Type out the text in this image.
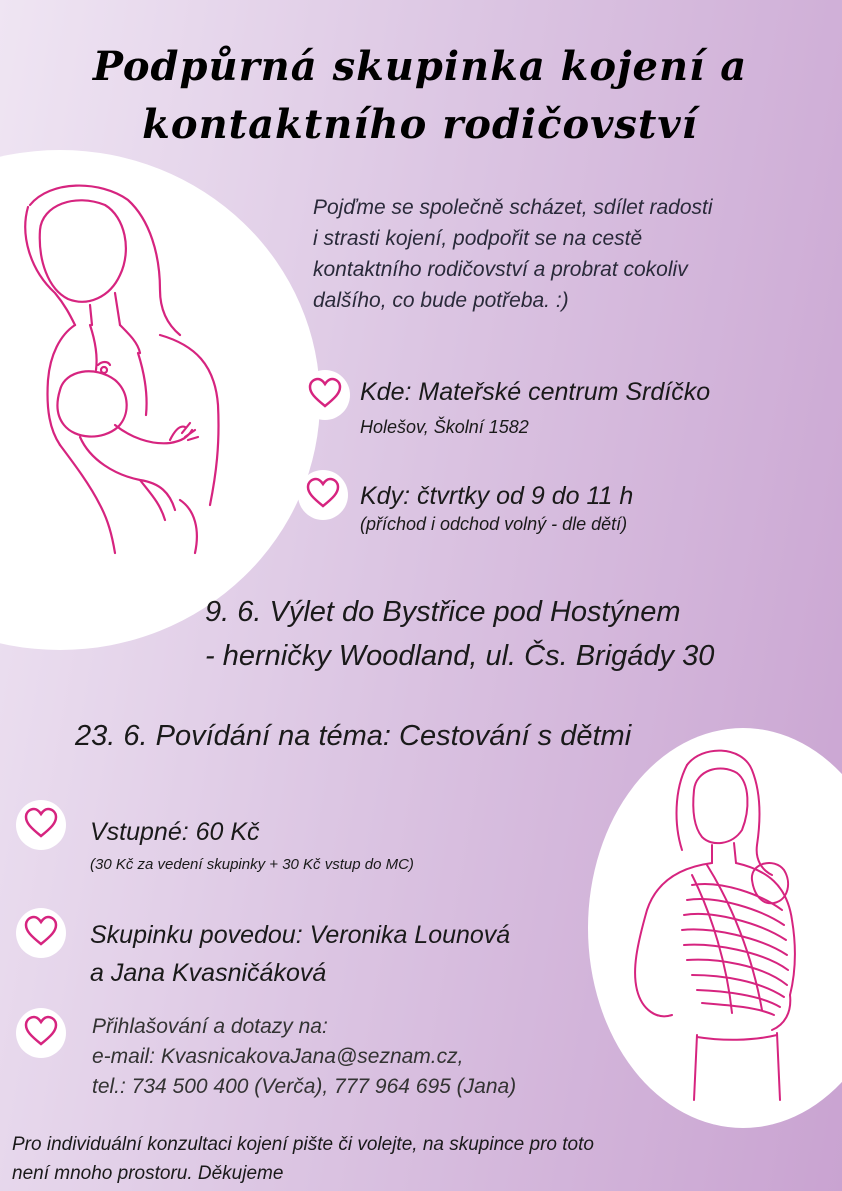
Podpůrná skupinka kojení a
kontaktního rodičovství
Pojďme se společně scházet, sdílet radosti
i strasti kojení, podpořit se na cestě
kontaktního rodičovství a probrat cokoliv
dalšího, co bude potřeba. :)
Kde: Mateřské centrum Srdíčko
Holešov, Školní 1582
Kdy: čtvrtky od 9 do 11 h
(příchod i odchod volný - dle dětí)
9. 6. Výlet do Bystřice pod Hostýnem
- herničky Woodland, ul. Čs. Brigády 30
23. 6. Povídání na téma: Cestování s dětmi
Vstupné: 60 Kč
(30 Kč za vedení skupinky + 30 Kč vstup do MC)
Skupinku povedou: Veronika Lounová
a Jana Kvasničáková
Přihlašování a dotazy na:
e-mail: KvasnicakovaJana@seznam.cz,
tel.: 734 500 400 (Verča), 777 964 695 (Jana)
Pro individuální konzultaci kojení pište či volejte, na skupince pro toto
není mnoho prostoru. Děkujeme
